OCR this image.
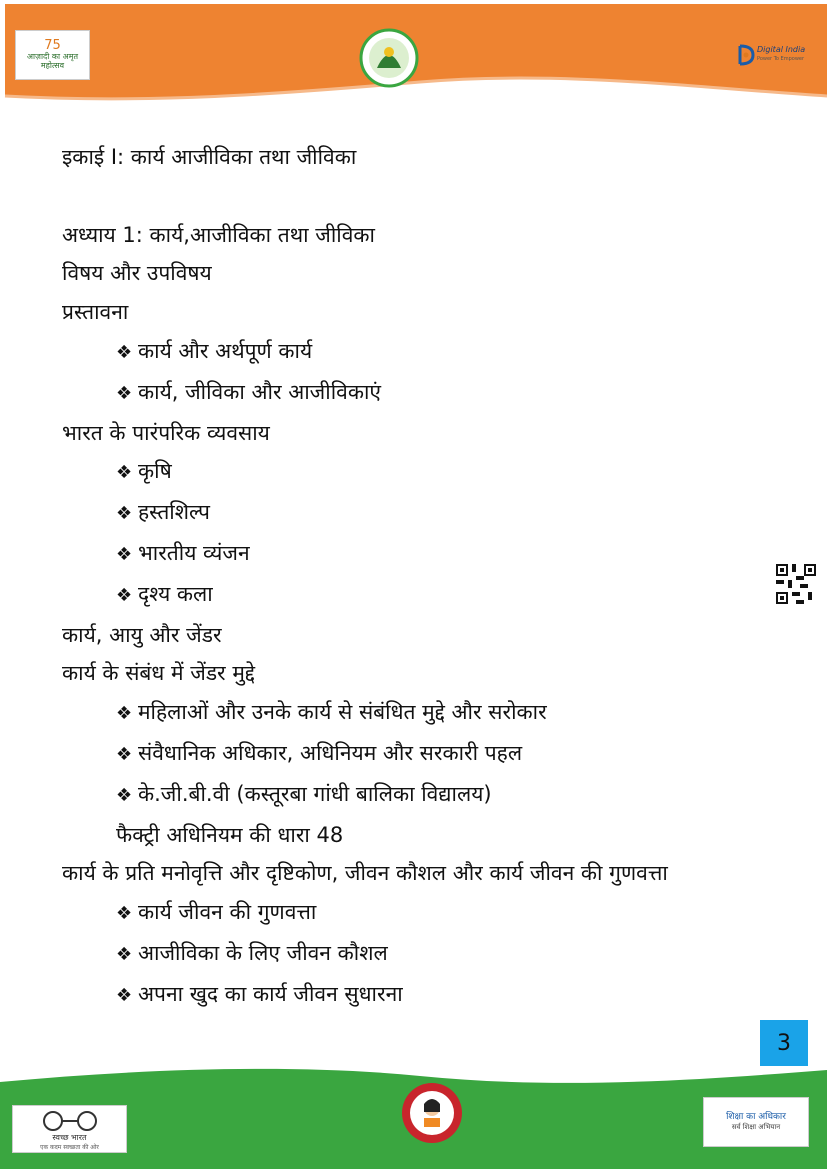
75
आज़ादी का अमृत महोत्सव
Digital India
Power To Empower

इकाई I: कार्य आजीविका तथा जीविका

अध्याय 1: कार्य,आजीविका तथा जीविका

विषय और उपविषय

प्रस्तावना

❖ कार्य और अर्थपूर्ण कार्य

❖ कार्य, जीविका और आजीविकाएं

भारत के पारंपरिक व्यवसाय

❖ कृषि

❖ हस्तशिल्प

❖ भारतीय व्यंजन

❖ दृश्य कला

कार्य, आयु और जेंडर

कार्य के संबंध में जेंडर मुद्दे

❖ महिलाओं और उनके कार्य से संबंधित मुद्दे और सरोकार

❖ संवैधानिक अधिकार, अधिनियम और सरकारी पहल

❖ के.जी.बी.वी (कस्तूरबा गांधी बालिका विद्यालय)

फैक्ट्री अधिनियम की धारा 48

कार्य के प्रति मनोवृत्ति और दृष्टिकोण, जीवन कौशल और कार्य जीवन की गुणवत्ता

❖ कार्य जीवन की गुणवत्ता

❖ आजीविका के लिए जीवन कौशल

❖ अपना खुद का कार्य जीवन सुधारना

3
स्वच्छ भारत
एक कदम स्वच्छता की ओर
शिक्षा का अधिकार
सर्व शिक्षा अभियान
